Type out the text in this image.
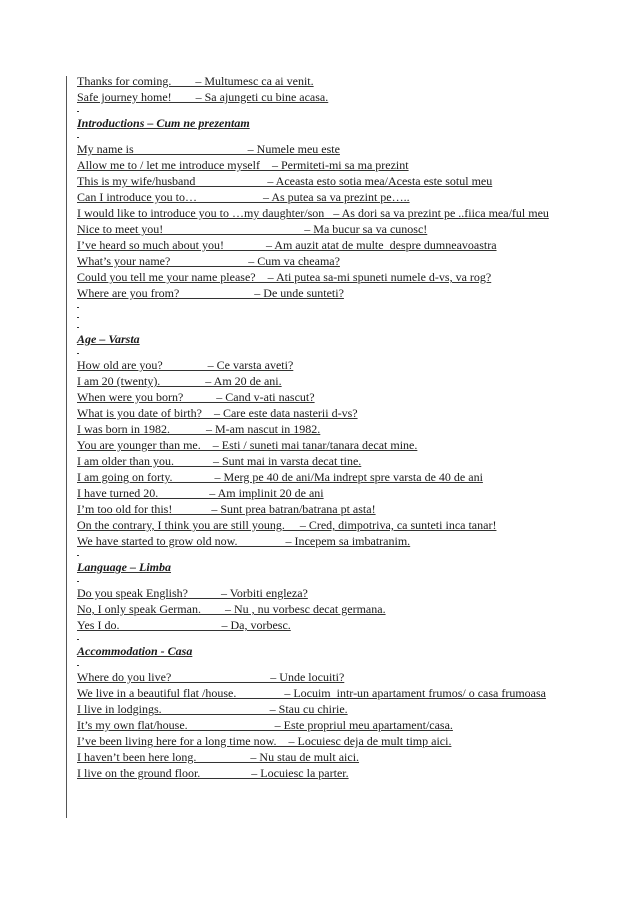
Thanks for coming.        – Multumesc ca ai venit.
Safe journey home!        – Sa ajungeti cu bine acasa.
Introductions – Cum ne prezentam
My name is                                      – Numele meu este
Allow me to / let me introduce myself    – Permiteti-mi sa ma prezint
This is my wife/husband                        – Aceasta esto sotia mea/Acesta este sotul meu
Can I introduce you to…                      – As putea sa va prezint pe…..
I would like to introduce you to …my daughter/son   – As dori sa va prezint pe ..fiica mea/ful meu
Nice to meet you!                                               – Ma bucur sa va cunosc!
I’ve heard so much about you!              – Am auzit atat de multe  despre dumneavoastra
What’s your name?                          – Cum va cheama?
Could you tell me your name please?    – Ati putea sa-mi spuneti numele d-vs, va rog?
Where are you from?                         – De unde sunteti?
Age – Varsta
How old are you?               – Ce varsta aveti?
I am 20 (twenty).               – Am 20 de ani.
When were you born?           – Cand v-ati nascut?
What is you date of birth?    – Care este data nasterii d-vs?
I was born in 1982.            – M-am nascut in 1982.
You are younger than me.    – Esti / suneti mai tanar/tanara decat mine.
I am older than you.             – Sunt mai in varsta decat tine.
I am going on forty.              – Merg pe 40 de ani/Ma indrept spre varsta de 40 de ani
I have turned 20.                 – Am implinit 20 de ani
I’m too old for this!             – Sunt prea batran/batrana pt asta!
On the contrary, I think you are still young.     – Cred, dimpotriva, ca sunteti inca tanar!
We have started to grow old now.                – Incepem sa imbatranim.
Language – Limba
Do you speak English?           – Vorbiti engleza?
No, I only speak German.        – Nu , nu vorbesc decat germana.
Yes I do.                                  – Da, vorbesc.
Accommodation - Casa
Where do you live?                                 – Unde locuiti?
We live in a beautiful flat /house.                – Locuim  intr-un apartament frumos/ o casa frumoasa
I live in lodgings.                                    – Stau cu chirie.
It’s my own flat/house.                             – Este propriul meu apartament/casa.
I’ve been living here for a long time now.    – Locuiesc deja de mult timp aici.
I haven’t been here long.                  – Nu stau de mult aici.
I live on the ground floor.                 – Locuiesc la parter.
